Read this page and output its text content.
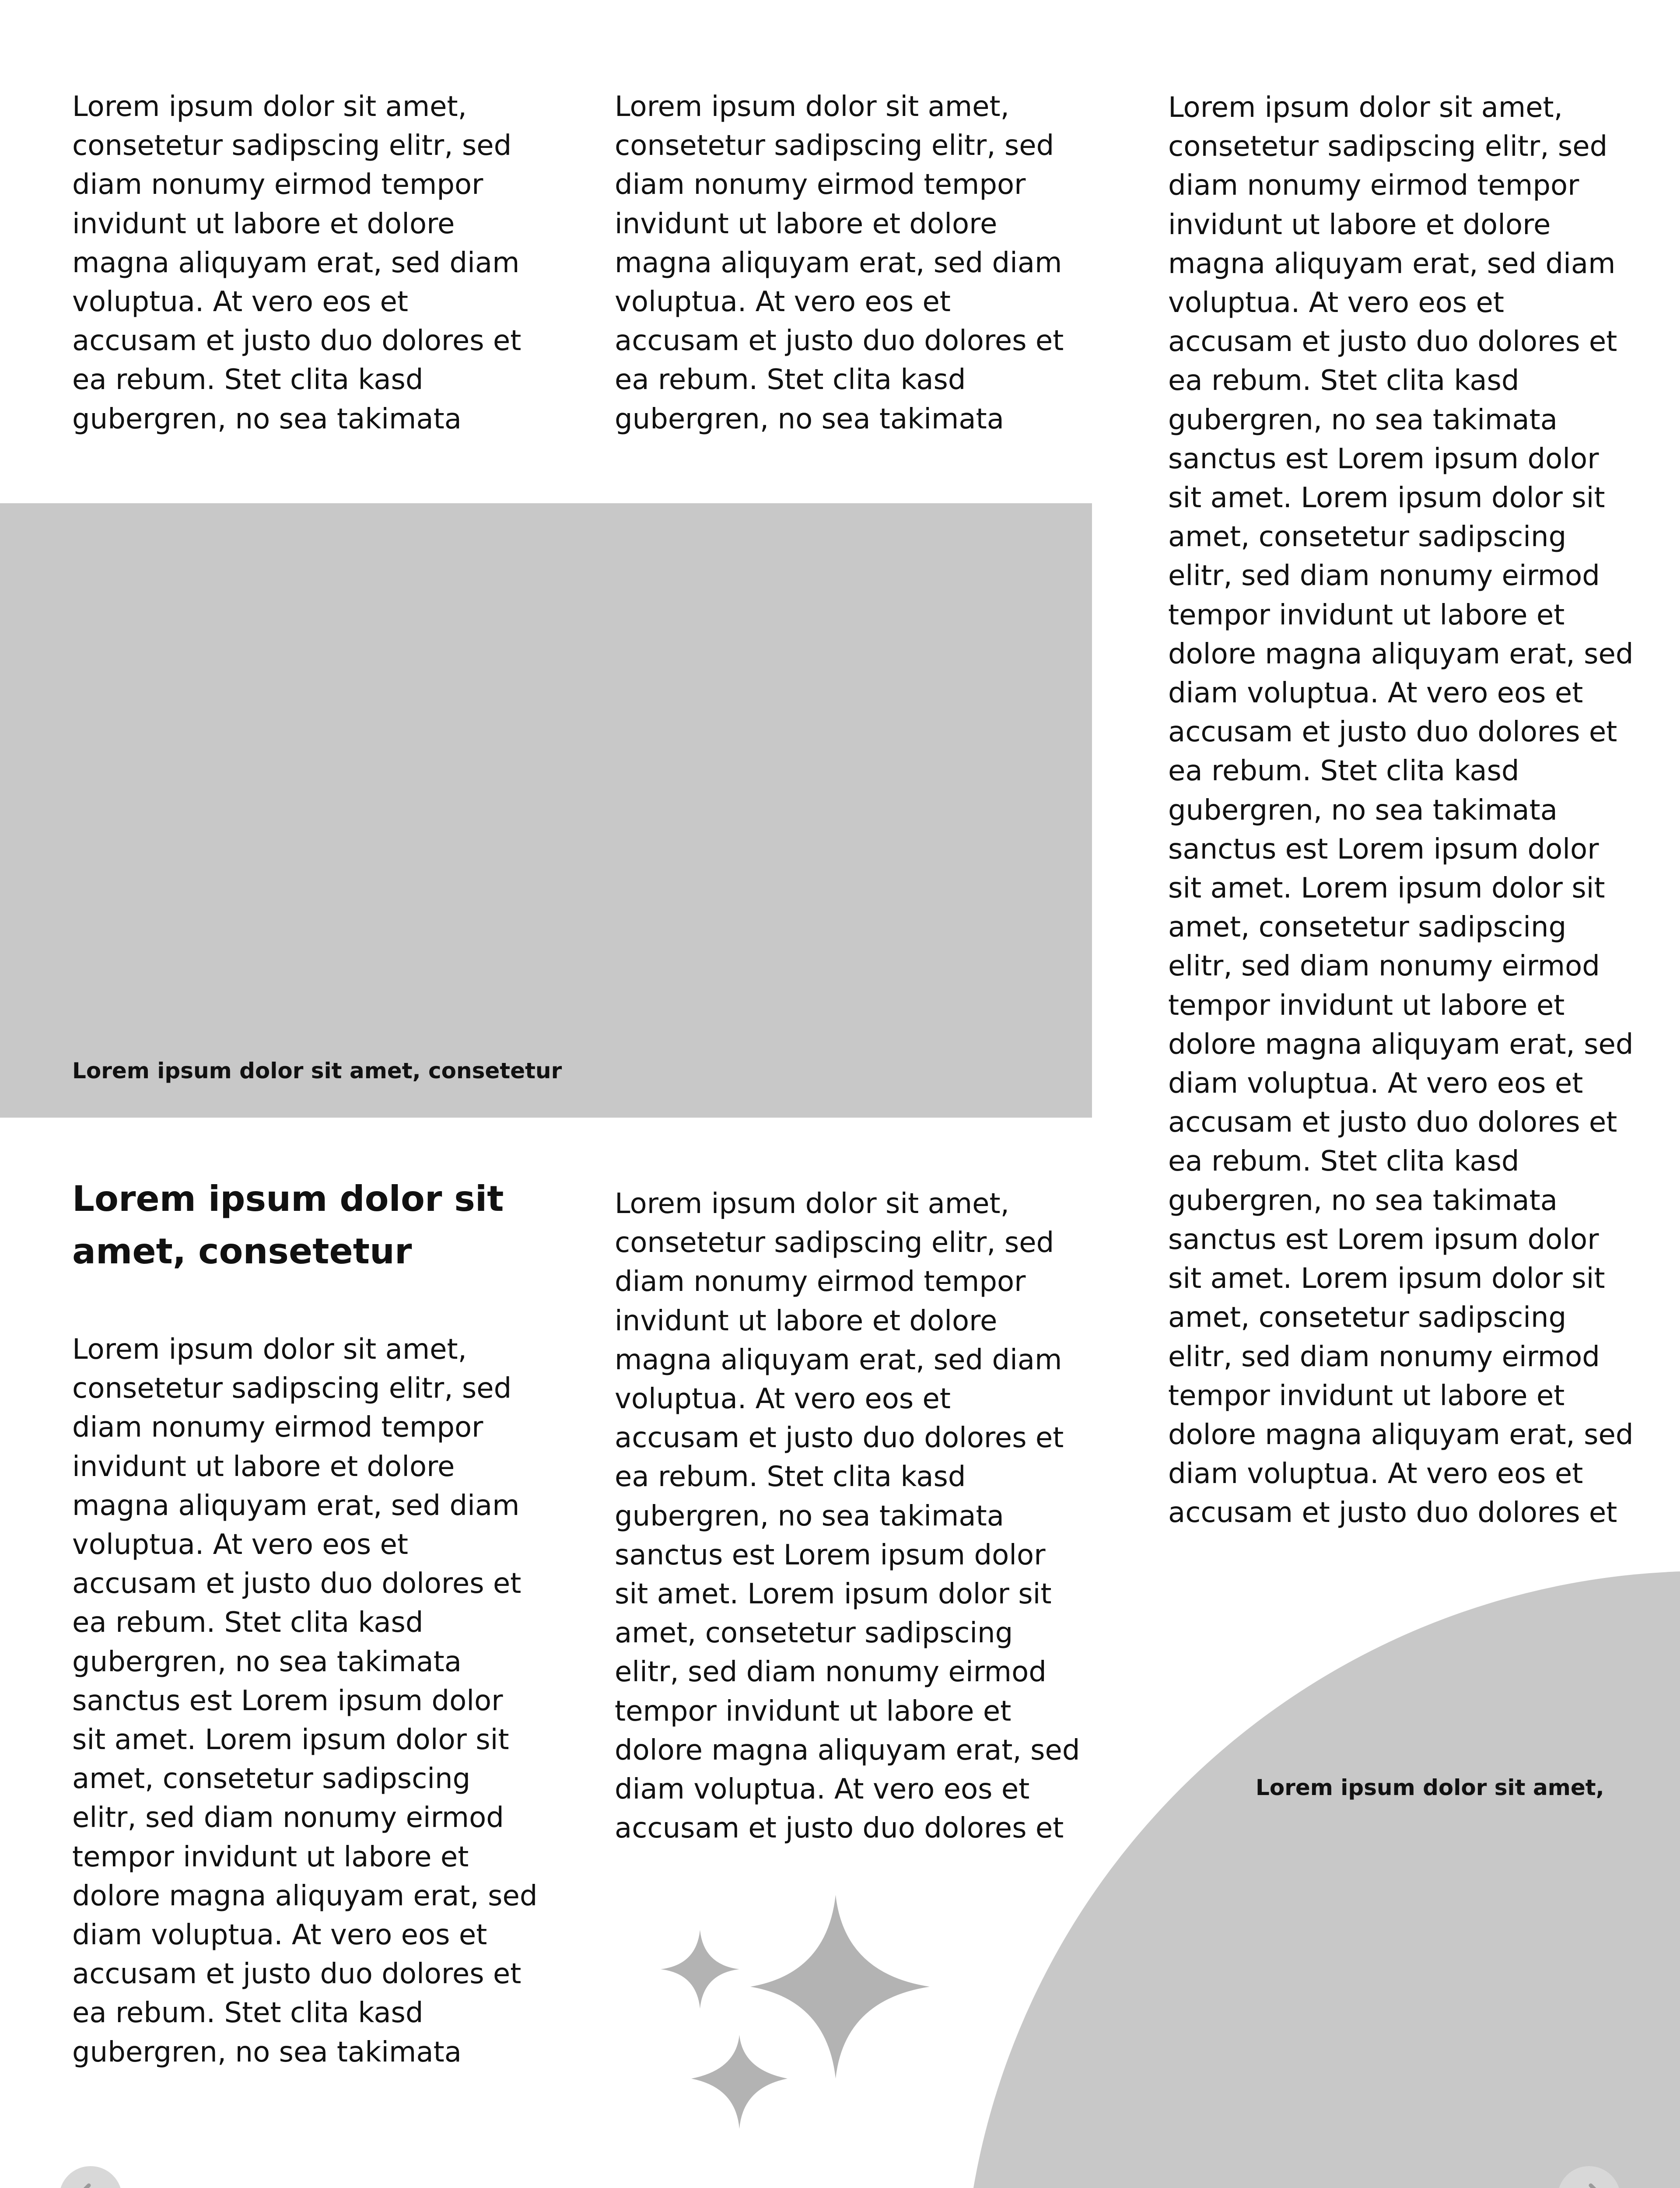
Lorem ipsum dolor sit amet,
consetetur sadipscing elitr, sed
diam nonumy eirmod tempor
invidunt ut labore et dolore
magna aliquyam erat, sed diam
voluptua. At vero eos et
accusam et justo duo dolores et
ea rebum. Stet clita kasd
gubergren, no sea takimata

Lorem ipsum dolor sit amet,
consetetur sadipscing elitr, sed
diam nonumy eirmod tempor
invidunt ut labore et dolore
magna aliquyam erat, sed diam
voluptua. At vero eos et
accusam et justo duo dolores et
ea rebum. Stet clita kasd
gubergren, no sea takimata

Lorem ipsum dolor sit amet,
consetetur sadipscing elitr, sed
diam nonumy eirmod tempor
invidunt ut labore et dolore
magna aliquyam erat, sed diam
voluptua. At vero eos et
accusam et justo duo dolores et
ea rebum. Stet clita kasd
gubergren, no sea takimata
sanctus est Lorem ipsum dolor
sit amet. Lorem ipsum dolor sit
amet, consetetur sadipscing
elitr, sed diam nonumy eirmod
tempor invidunt ut labore et
dolore magna aliquyam erat, sed
diam voluptua. At vero eos et
accusam et justo duo dolores et
ea rebum. Stet clita kasd
gubergren, no sea takimata
sanctus est Lorem ipsum dolor
sit amet. Lorem ipsum dolor sit
amet, consetetur sadipscing
elitr, sed diam nonumy eirmod
tempor invidunt ut labore et
dolore magna aliquyam erat, sed
diam voluptua. At vero eos et
accusam et justo duo dolores et
ea rebum. Stet clita kasd
gubergren, no sea takimata
sanctus est Lorem ipsum dolor
sit amet. Lorem ipsum dolor sit
amet, consetetur sadipscing
elitr, sed diam nonumy eirmod
tempor invidunt ut labore et
dolore magna aliquyam erat, sed
diam voluptua. At vero eos et
accusam et justo duo dolores et

Lorem ipsum dolor sit amet, consetetur

Lorem ipsum dolor sit
amet, consetetur

Lorem ipsum dolor sit amet,
consetetur sadipscing elitr, sed
diam nonumy eirmod tempor
invidunt ut labore et dolore
magna aliquyam erat, sed diam
voluptua. At vero eos et
accusam et justo duo dolores et
ea rebum. Stet clita kasd
gubergren, no sea takimata
sanctus est Lorem ipsum dolor
sit amet. Lorem ipsum dolor sit
amet, consetetur sadipscing
elitr, sed diam nonumy eirmod
tempor invidunt ut labore et
dolore magna aliquyam erat, sed
diam voluptua. At vero eos et
accusam et justo duo dolores et
ea rebum. Stet clita kasd
gubergren, no sea takimata

Lorem ipsum dolor sit amet,
consetetur sadipscing elitr, sed
diam nonumy eirmod tempor
invidunt ut labore et dolore
magna aliquyam erat, sed diam
voluptua. At vero eos et
accusam et justo duo dolores et
ea rebum. Stet clita kasd
gubergren, no sea takimata
sanctus est Lorem ipsum dolor
sit amet. Lorem ipsum dolor sit
amet, consetetur sadipscing
elitr, sed diam nonumy eirmod
tempor invidunt ut labore et
dolore magna aliquyam erat, sed
diam voluptua. At vero eos et
accusam et justo duo dolores et

Lorem ipsum dolor sit amet,
